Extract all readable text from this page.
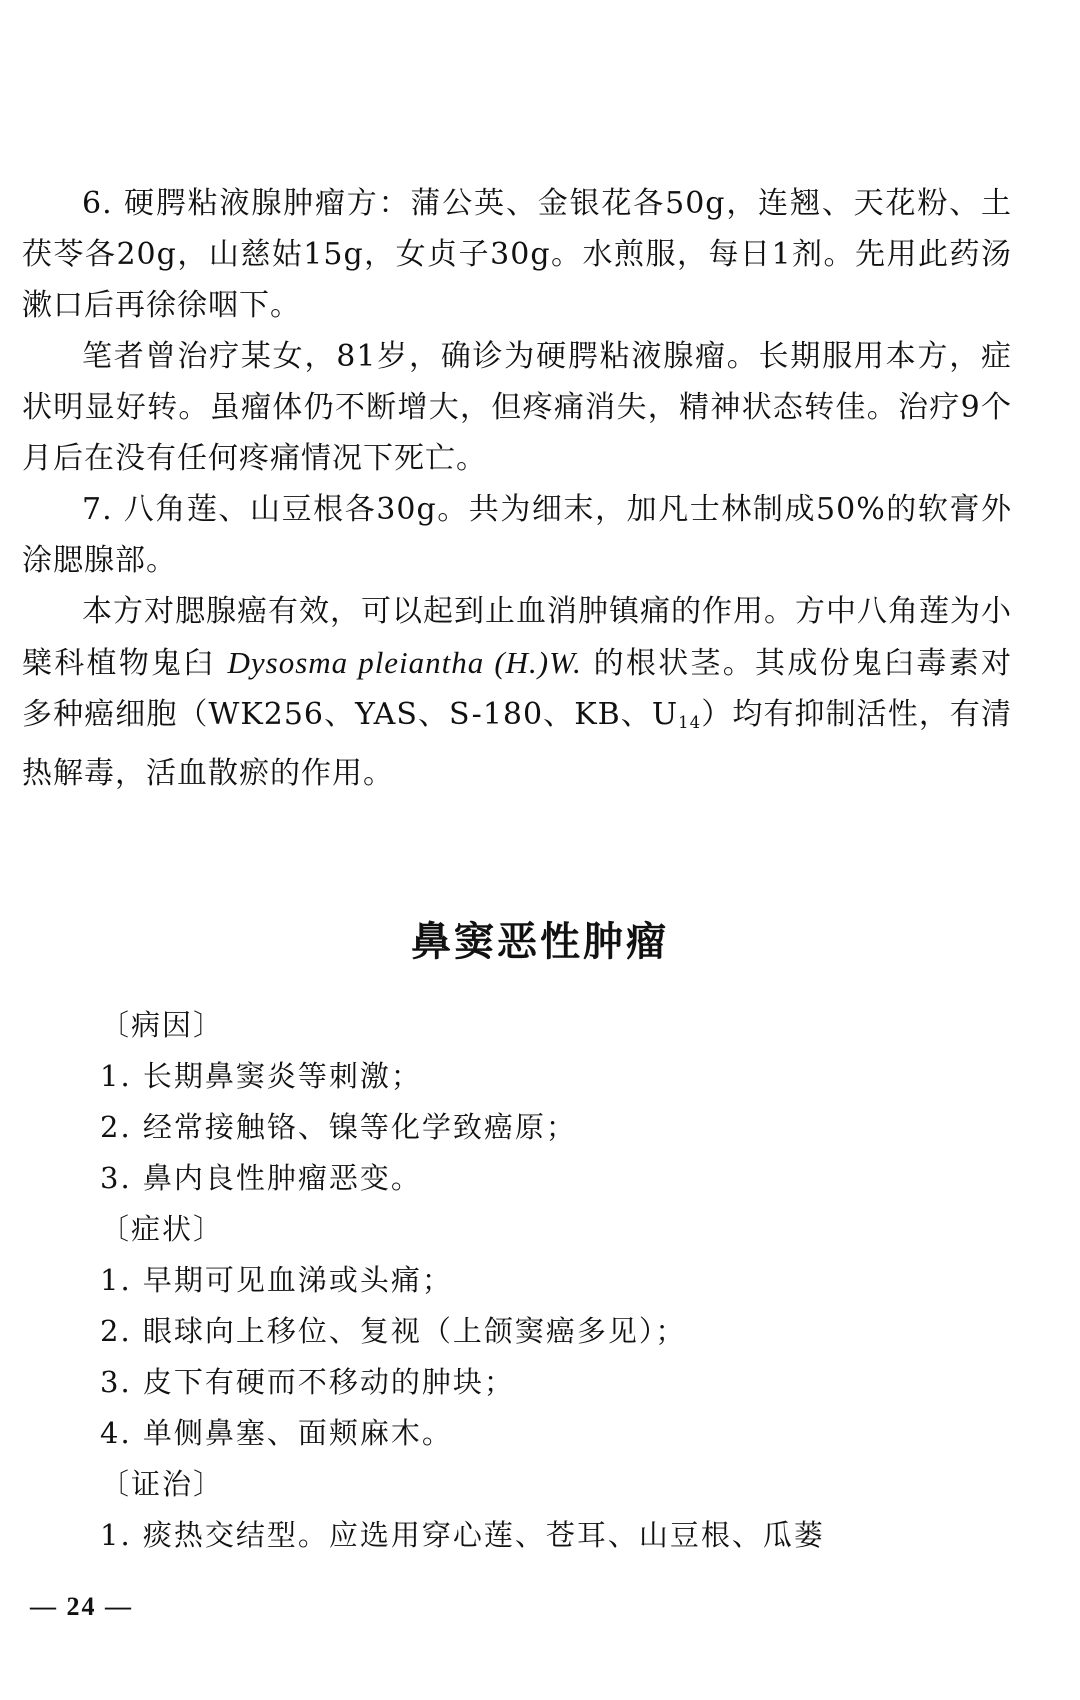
6. 硬腭粘液腺肿瘤方：蒲公英、金银花各50g，连翘、天花粉、土茯苓各20g，山慈姑15g，女贞子30g。水煎服，每日1剂。先用此药汤漱口后再徐徐咽下。

笔者曾治疗某女，81岁，确诊为硬腭粘液腺瘤。长期服用本方，症状明显好转。虽瘤体仍不断增大，但疼痛消失，精神状态转佳。治疗9个月后在没有任何疼痛情况下死亡。

7. 八角莲、山豆根各30g。共为细末，加凡士林制成50%的软膏外涂腮腺部。

本方对腮腺癌有效，可以起到止血消肿镇痛的作用。方中八角莲为小檗科植物鬼臼 Dysosma pleiantha (H.)W. 的根状茎。其成份鬼臼毒素对多种癌细胞（WK256、YAS、S-180、KB、$U_{14}$）均有抑制活性，有清热解毒，活血散瘀的作用。

鼻窦恶性肿瘤
〔病因〕
1. 长期鼻窦炎等刺激；
2. 经常接触铬、镍等化学致癌原；
3. 鼻内良性肿瘤恶变。
〔症状〕
1. 早期可见血涕或头痛；
2. 眼球向上移位、复视（上颌窦癌多见）；
3. 皮下有硬而不移动的肿块；
4. 单侧鼻塞、面颊麻木。
〔证治〕
1. 痰热交结型。应选用穿心莲、苍耳、山豆根、瓜蒌
— 24 —
